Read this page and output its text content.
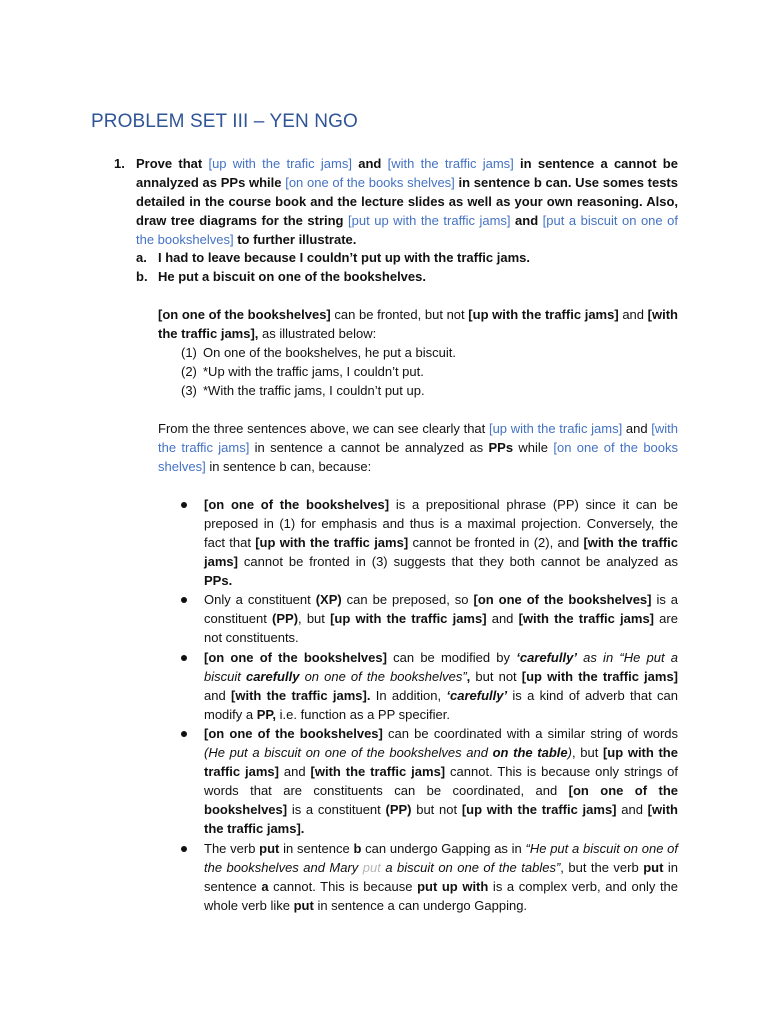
PROBLEM SET III – YEN NGO
1. Prove that [up with the trafic jams] and [with the traffic jams] in sentence a cannot be annalyzed as PPs while [on one of the books shelves] in sentence b can. Use somes tests detailed in the course book and the lecture slides as well as your own reasoning. Also, draw tree diagrams for the string [put up with the traffic jams] and [put a biscuit on one of the bookshelves] to further illustrate.
a. I had to leave because I couldn’t put up with the traffic jams.
b. He put a biscuit on one of the bookshelves.
[on one of the bookshelves] can be fronted, but not [up with the traffic jams] and [with the traffic jams], as illustrated below:
(1) On one of the bookshelves, he put a biscuit.
(2) *Up with the traffic jams, I couldn’t put.
(3) *With the traffic jams, I couldn’t put up.
From the three sentences above, we can see clearly that [up with the trafic jams] and [with the traffic jams] in sentence a cannot be annalyzed as PPs while [on one of the books shelves] in sentence b can, because:
[on one of the bookshelves] is a prepositional phrase (PP) since it can be preposed in (1) for emphasis and thus is a maximal projection. Conversely, the fact that [up with the traffic jams] cannot be fronted in (2), and [with the traffic jams] cannot be fronted in (3) suggests that they both cannot be analyzed as PPs.
Only a constituent (XP) can be preposed, so [on one of the bookshelves] is a constituent (PP), but [up with the traffic jams] and [with the traffic jams] are not constituents.
[on one of the bookshelves] can be modified by ‘carefully’ as in “He put a biscuit carefully on one of the bookshelves”, but not [up with the traffic jams] and [with the traffic jams]. In addition, ‘carefully’ is a kind of adverb that can modify a PP, i.e. function as a PP specifier.
[on one of the bookshelves] can be coordinated with a similar string of words (He put a biscuit on one of the bookshelves and on the table), but [up with the traffic jams] and [with the traffic jams] cannot. This is because only strings of words that are constituents can be coordinated, and [on one of the bookshelves] is a constituent (PP) but not [up with the traffic jams] and [with the traffic jams].
The verb put in sentence b can undergo Gapping as in “He put a biscuit on one of the bookshelves and Mary put a biscuit on one of the tables”, but the verb put in sentence a cannot. This is because put up with is a complex verb, and only the whole verb like put in sentence a can undergo Gapping.
